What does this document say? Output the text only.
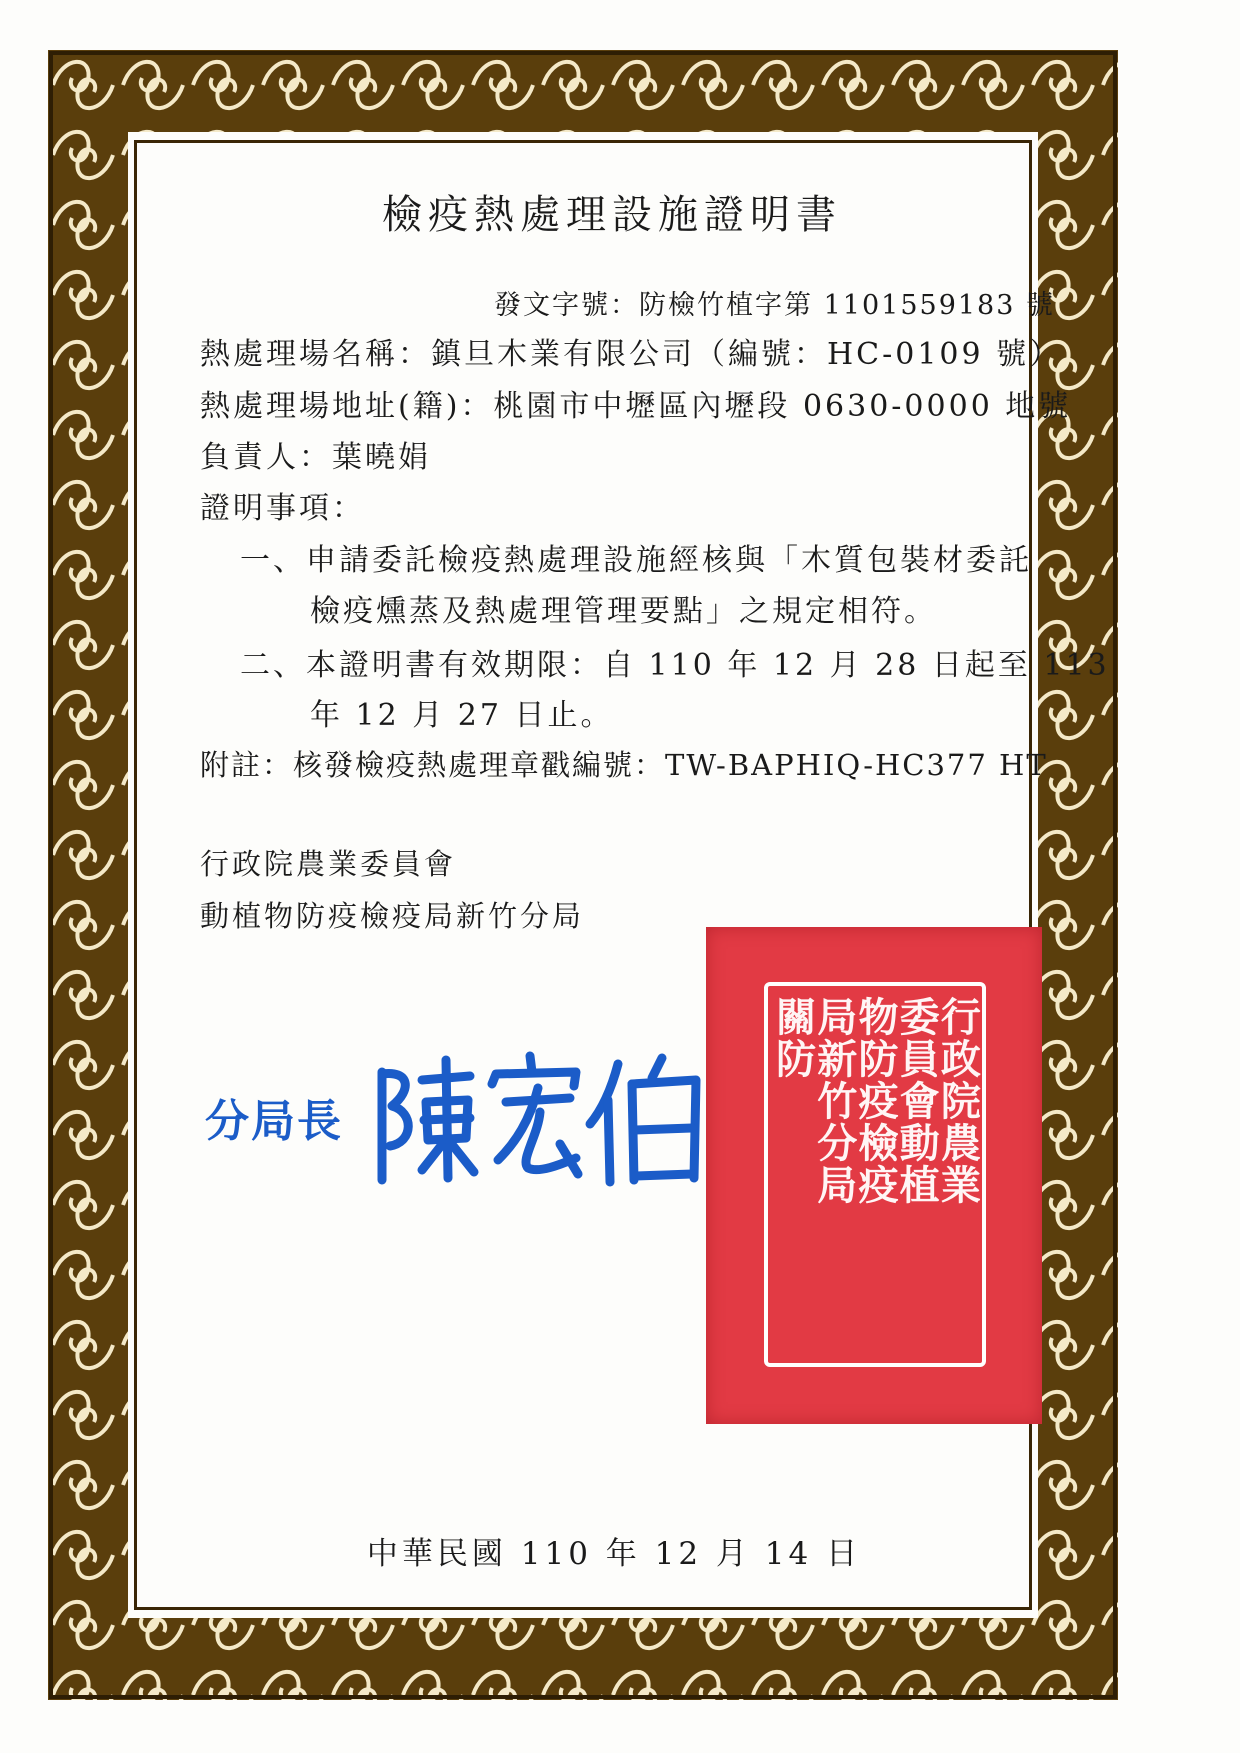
檢疫熱處理設施證明書
發文字號：防檢竹植字第 1101559183 號
熱處理場名稱：鎮旦木業有限公司（編號：HC-0109 號）
熱處理場地址(籍)：桃園市中壢區內壢段 0630-0000 地號
負責人：葉曉娟
證明事項：
一、申請委託檢疫熱處理設施經核與「木質包裝材委託
檢疫燻蒸及熱處理管理要點」之規定相符。
二、本證明書有效期限：自 110 年 12 月 28 日起至 113
年 12 月 27 日止。
附註：核發檢疫熱處理章戳編號：TW-BAPHIQ-HC377 HT
行政院農業委員會
動植物防疫檢疫局新竹分局
分局長	行政院農業
委員會動植
物防疫檢疫
局新竹分局
關防
中華民國 110 年 12 月 14 日
